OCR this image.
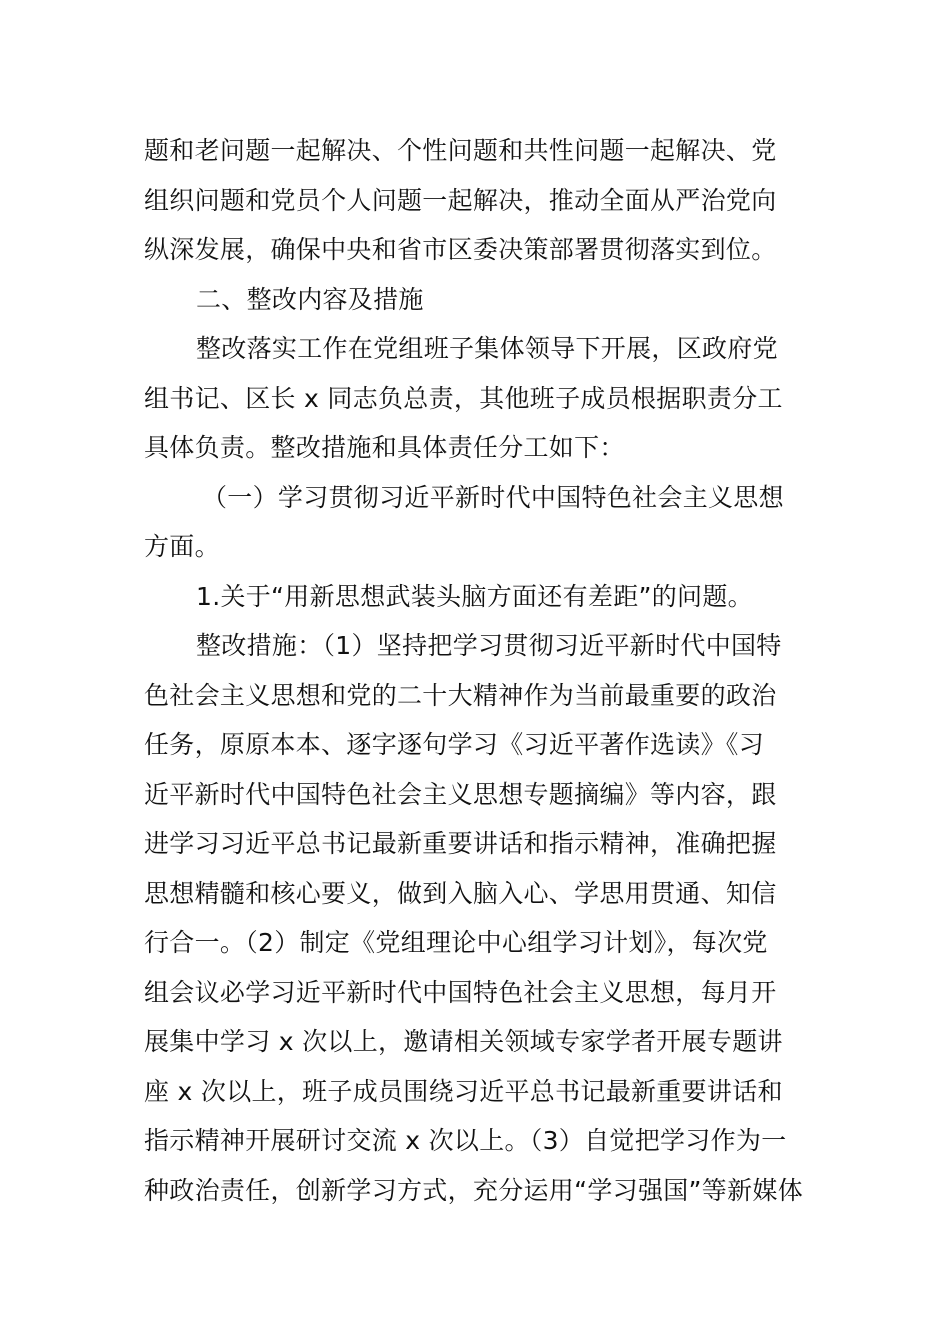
题和老问题一起解决、个性问题和共性问题一起解决、党
组织问题和党员个人问题一起解决，推动全面从严治党向
纵深发展，确保中央和省市区委决策部署贯彻落实到位。
二、整改内容及措施
整改落实工作在党组班子集体领导下开展，区政府党
组书记、区长 x 同志负总责，其他班子成员根据职责分工
具体负责。整改措施和具体责任分工如下：
（一）学习贯彻习近平新时代中国特色社会主义思想
方面。
1.关于“用新思想武装头脑方面还有差距”的问题。
整改措施：（1）坚持把学习贯彻习近平新时代中国特
色社会主义思想和党的二十大精神作为当前最重要的政治
任务，原原本本、逐字逐句学习《习近平著作选读》《习
近平新时代中国特色社会主义思想专题摘编》等内容，跟
进学习习近平总书记最新重要讲话和指示精神，准确把握
思想精髓和核心要义，做到入脑入心、学思用贯通、知信
行合一。（2）制定《党组理论中心组学习计划》，每次党
组会议必学习近平新时代中国特色社会主义思想，每月开
展集中学习 x 次以上，邀请相关领域专家学者开展专题讲
座 x 次以上，班子成员围绕习近平总书记最新重要讲话和
指示精神开展研讨交流 x 次以上。（3）自觉把学习作为一
种政治责任，创新学习方式，充分运用“学习强国”等新媒体
